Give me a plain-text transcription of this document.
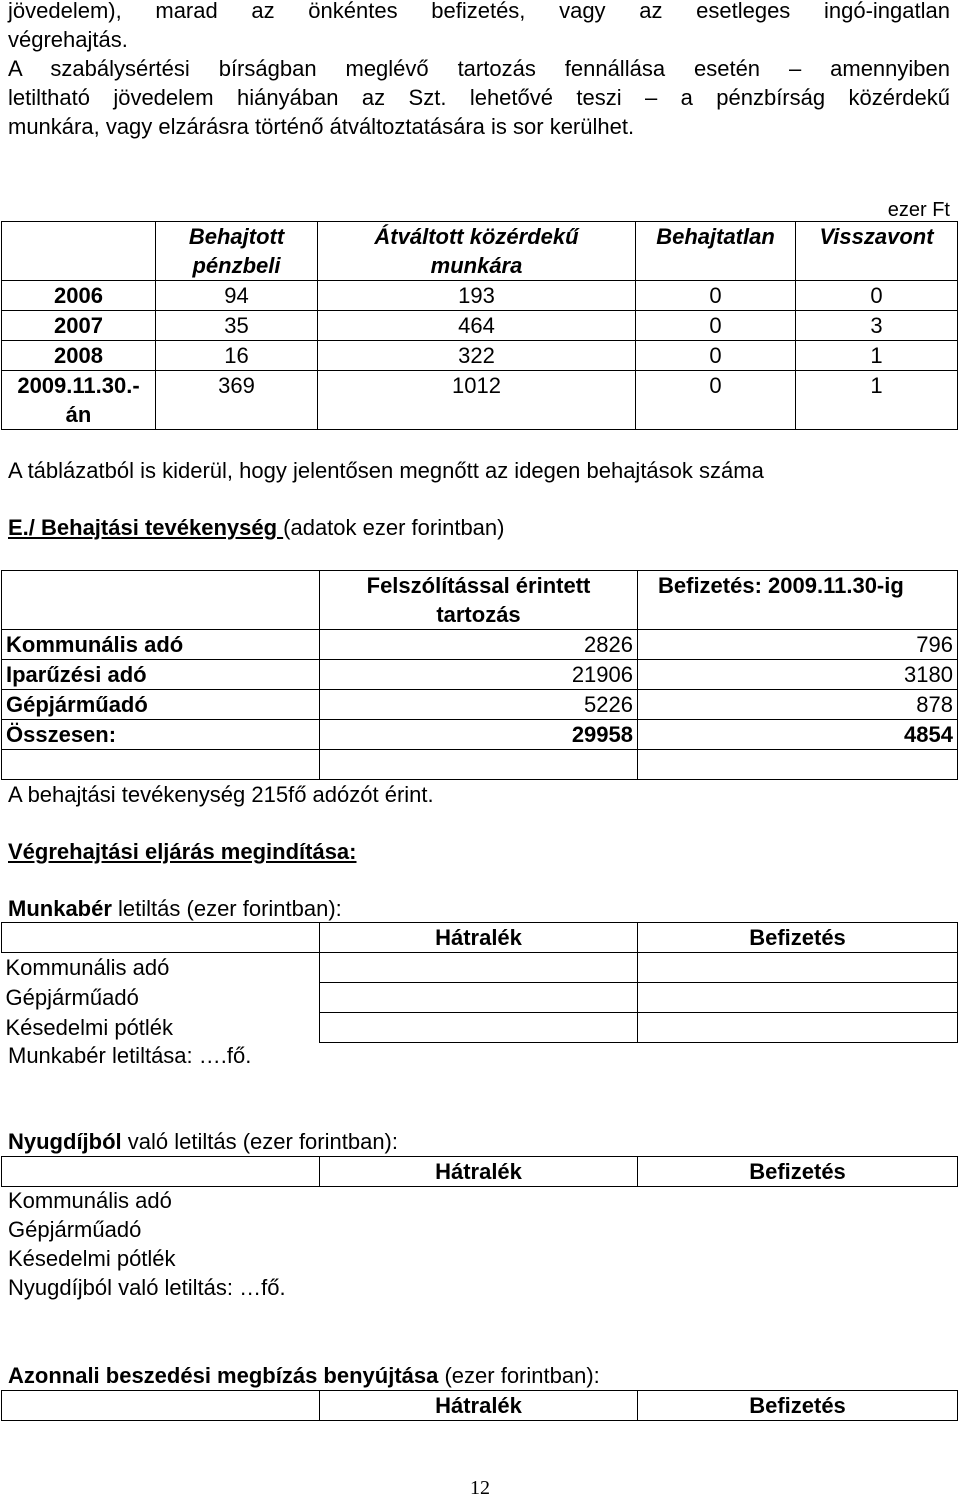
jövedelem), marad az önkéntes befizetés, vagy az esetleges ingó-ingatlan
végrehajtás.
A szabálysértési bírságban meglévő tartozás fennállása esetén – amennyiben
letiltható jövedelem hiányában az Szt. lehetővé teszi – a pénzbírság közérdekű
munkára, vagy elzárásra történő átváltoztatására is sor kerülhet.
ezer Ft
	Behajtott pénzbeli	Átváltott közérdekű munkára	Behajtatlan	Visszavont
2006	94	193	0	0
2007	35	464	0	3
2008	16	322	0	1
2009.11.30.-án	369	1012	0	1
A táblázatból is kiderül, hogy jelentősen megnőtt az idegen behajtások száma
E./ Behajtási tevékenység (adatok ezer forintban)
	Felszólítással érintett tartozás	Befizetés: 2009.11.30-ig
Kommunális adó	2826	796
Iparűzési adó	21906	3180
Gépjárműadó	5226	878
Összesen:	29958	4854

A behajtási tevékenység 215fő adózót érint.
Végrehajtási eljárás megindítása:
Munkabér letiltás (ezer forintban):
	Hátralék	Befizetés
Kommunális adó		
Gépjárműadó		
Késedelmi pótlék		
Munkabér letiltása: ….fő.
Nyugdíjból való letiltás (ezer forintban):
	Hátralék	Befizetés
Kommunális adó
Gépjárműadó
Késedelmi pótlék
Nyugdíjból való letiltás: …fő.
Azonnali beszedési megbízás benyújtása (ezer forintban):
	Hátralék	Befizetés
12
